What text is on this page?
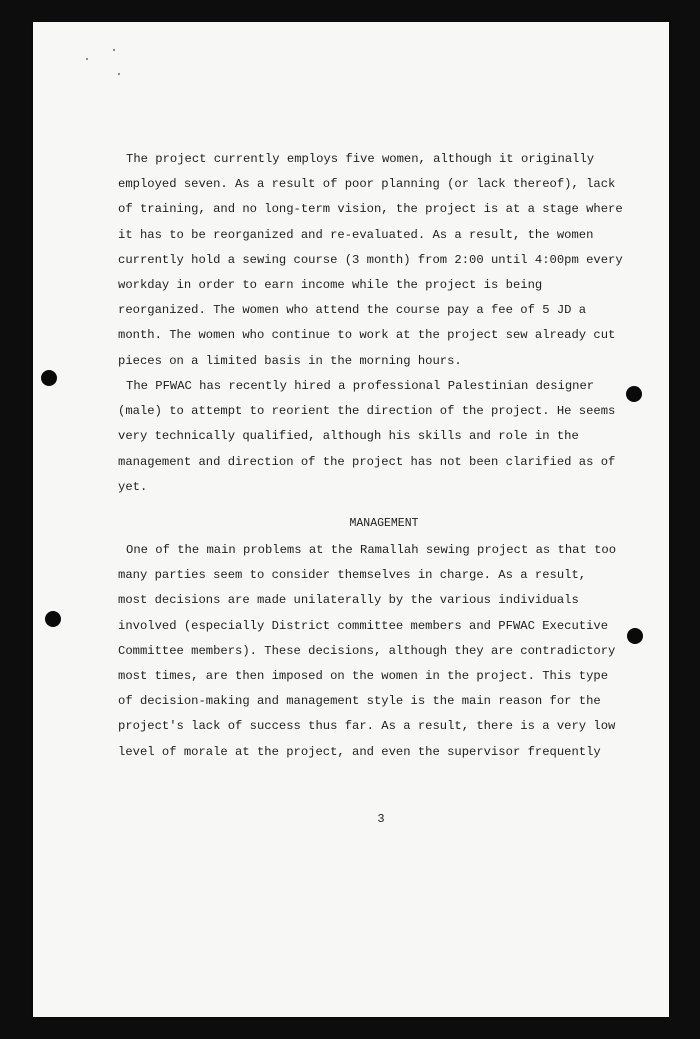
The project currently employs five women, although it originally
employed seven. As a result of poor planning (or lack thereof), lack
of training, and no long-term vision, the project is at a stage where
it has to be reorganized and re-evaluated. As a result, the women
currently hold a sewing course (3 month) from 2:00 until 4:00pm every
workday in order to earn income while the project is being
reorganized. The women who attend the course pay a fee of 5 JD a
month. The women who continue to work at the project sew already cut
pieces on a limited basis in the morning hours.
The PFWAC has recently hired a professional Palestinian designer
(male) to attempt to reorient the direction of the project. He seems
very technically qualified, although his skills and role in the
management and direction of the project has not been clarified as of
yet.
MANAGEMENT
One of the main problems at the Ramallah sewing project as that too
many parties seem to consider themselves in charge. As a result,
most decisions are made unilaterally by the various individuals
involved (especially District committee members and PFWAC Executive
Committee members). These decisions, although they are contradictory
most times, are then imposed on the women in the project. This type
of decision-making and management style is the main reason for the
project's lack of success thus far. As a result, there is a very low
level of morale at the project, and even the supervisor frequently
3
